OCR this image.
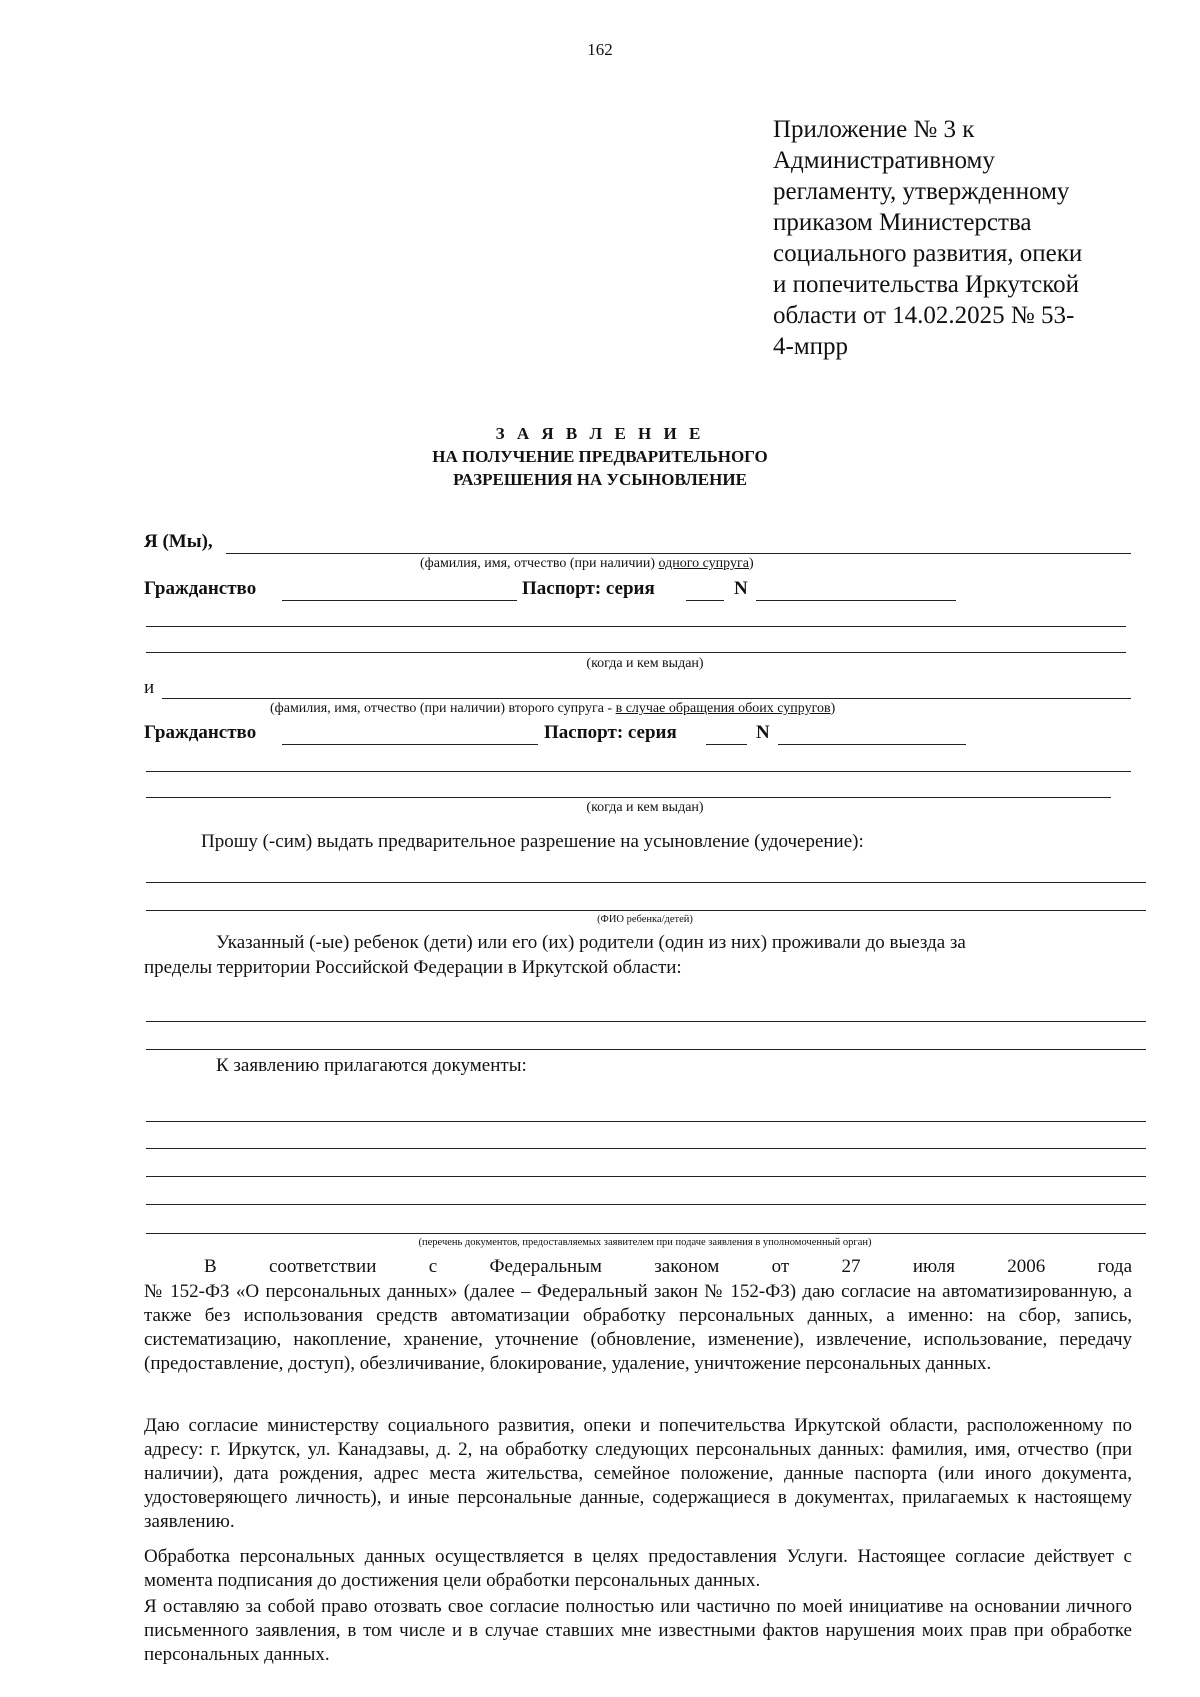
162
Приложение № 3 к
Административному
регламенту, утвержденному
приказом Министерства
социального развития, опеки
и попечительства Иркутской
области от 14.02.2025 № 53-
4-мпрр
З А Я В Л Е Н И Е
НА ПОЛУЧЕНИЕ ПРЕДВАРИТЕЛЬНОГО
РАЗРЕШЕНИЯ НА УСЫНОВЛЕНИЕ
Я (Мы),
(фамилия, имя, отчество (при наличии) одного супруга)
Гражданство	Паспорт: серия	N
(когда и кем выдан)
и
(фамилия, имя, отчество (при наличии) второго супруга - в случае обращения обоих супругов)
Гражданство	Паспорт: серия	N
(когда и кем выдан)
Прошу (-сим) выдать предварительное разрешение на усыновление (удочерение):
(ФИО ребенка/детей)
Указанный (-ые) ребенок (дети) или его (их) родители (один из них) проживали до выезда за
пределы территории Российской Федерации в Иркутской области:
К заявлению прилагаются документы:
(перечень документов, предоставляемых заявителем при подаче заявления в уполномоченный орган)
В соответствии с Федеральным законом от 27 июля 2006 года
№ 152-ФЗ «О персональных данных» (далее – Федеральный закон № 152-ФЗ) даю согласие на автоматизированную, а также без использования средств автоматизации обработку персональных данных, а именно: на сбор, запись, систематизацию, накопление, хранение, уточнение (обновление, изменение), извлечение, использование, передачу (предоставление, доступ), обезличивание, блокирование, удаление, уничтожение персональных данных.
Даю согласие министерству социального развития, опеки и попечительства Иркутской области, расположенному по адресу: г. Иркутск, ул. Канадзавы, д. 2, на обработку следующих персональных данных: фамилия, имя, отчество (при наличии), дата рождения, адрес места жительства, семейное положение, данные паспорта (или иного документа, удостоверяющего личность), и иные персональные данные, содержащиеся в документах, прилагаемых к настоящему заявлению.
Обработка персональных данных осуществляется в целях предоставления Услуги. Настоящее согласие действует с момента подписания до достижения цели обработки персональных данных.
Я оставляю за собой право отозвать свое согласие полностью или частично по моей инициативе на основании личного письменного заявления, в том числе и в случае ставших мне известными фактов нарушения моих прав при обработке персональных данных.
